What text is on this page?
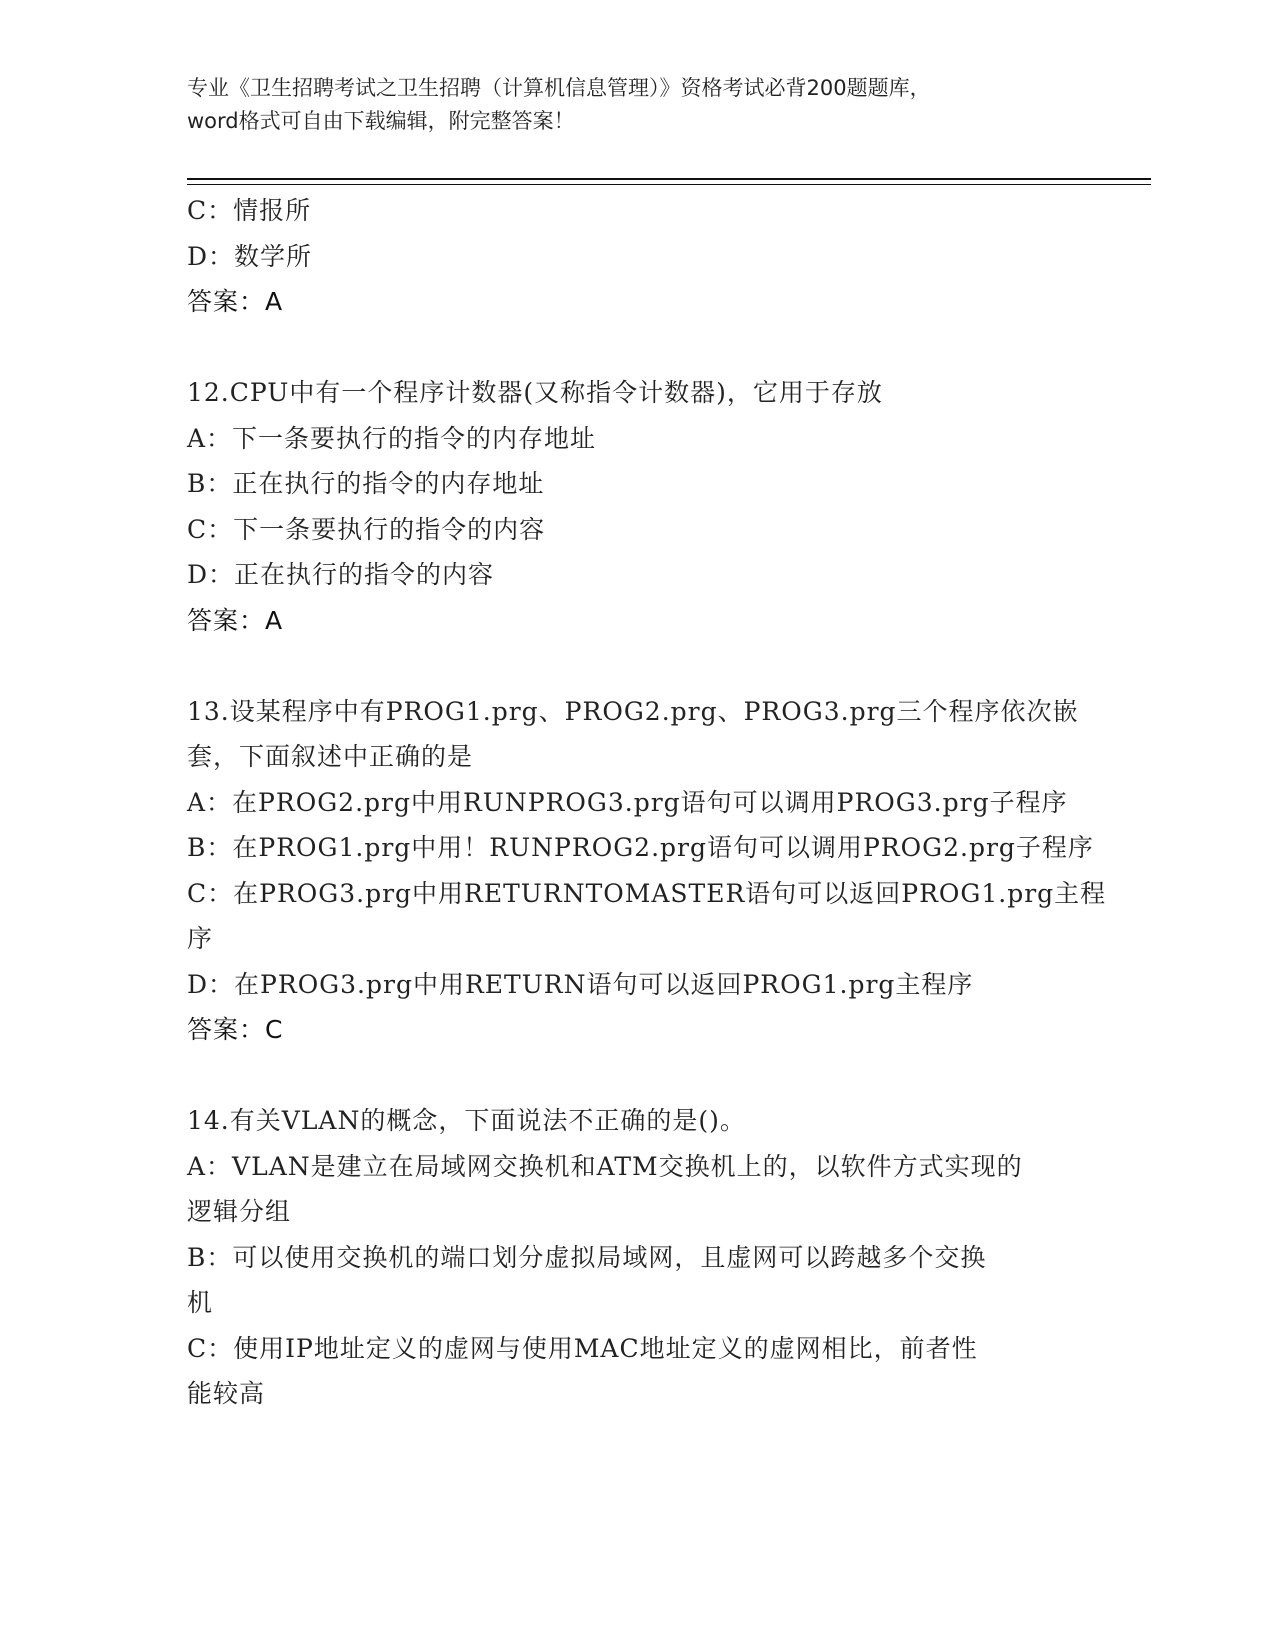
专业《卫生招聘考试之卫生招聘（计算机信息管理）》资格考试必背200题题库，
word格式可自由下载编辑，附完整答案！
C：情报所
D：数学所
答案：A
12.CPU中有一个程序计数器(又称指令计数器)，它用于存放
A：下一条要执行的指令的内存地址
B：正在执行的指令的内存地址
C：下一条要执行的指令的内容
D：正在执行的指令的内容
答案：A
13.设某程序中有PROG1.prg、PROG2.prg、PROG3.prg三个程序依次嵌
套，下面叙述中正确的是
A：在PROG2.prg中用RUNPROG3.prg语句可以调用PROG3.prg子程序
B：在PROG1.prg中用！RUNPROG2.prg语句可以调用PROG2.prg子程序
C：在PROG3.prg中用RETURNTOMASTER语句可以返回PROG1.prg主程
序
D：在PROG3.prg中用RETURN语句可以返回PROG1.prg主程序
答案：C
14.有关VLAN的概念，下面说法不正确的是()。
A：VLAN是建立在局域网交换机和ATM交换机上的，以软件方式实现的
逻辑分组
B：可以使用交换机的端口划分虚拟局域网，且虚网可以跨越多个交换
机
C：使用IP地址定义的虚网与使用MAC地址定义的虚网相比，前者性
能较高
